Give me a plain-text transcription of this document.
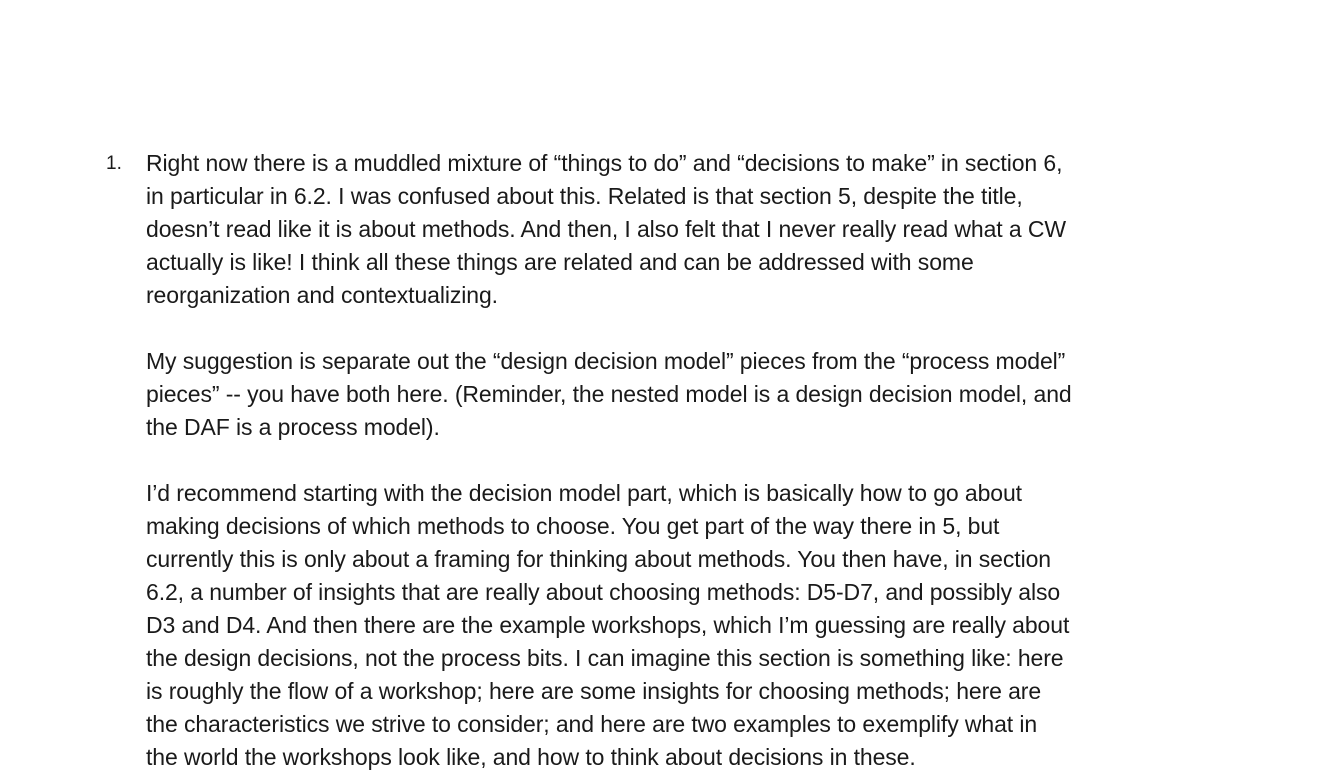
1.	Right now there is a muddled mixture of “things to do” and “decisions to make” in section 6,
in particular in 6.2. I was confused about this. Related is that section 5, despite the title,
doesn’t read like it is about methods. And then, I also felt that I never really read what a CW
actually is like! I think all these things are related and can be addressed with some
reorganization and contextualizing.
My suggestion is separate out the “design decision model” pieces from the “process model”
pieces” -- you have both here. (Reminder, the nested model is a design decision model, and
the DAF is a process model).
I’d recommend starting with the decision model part, which is basically how to go about
making decisions of which methods to choose. You get part of the way there in 5, but
currently this is only about a framing for thinking about methods. You then have, in section
6.2, a number of insights that are really about choosing methods: D5-D7, and possibly also
D3 and D4. And then there are the example workshops, which I’m guessing are really about
the design decisions, not the process bits. I can imagine this section is something like: here
is roughly the flow of a workshop; here are some insights for choosing methods; here are
the characteristics we strive to consider; and here are two examples to exemplify what in
the world the workshops look like, and how to think about decisions in these.
